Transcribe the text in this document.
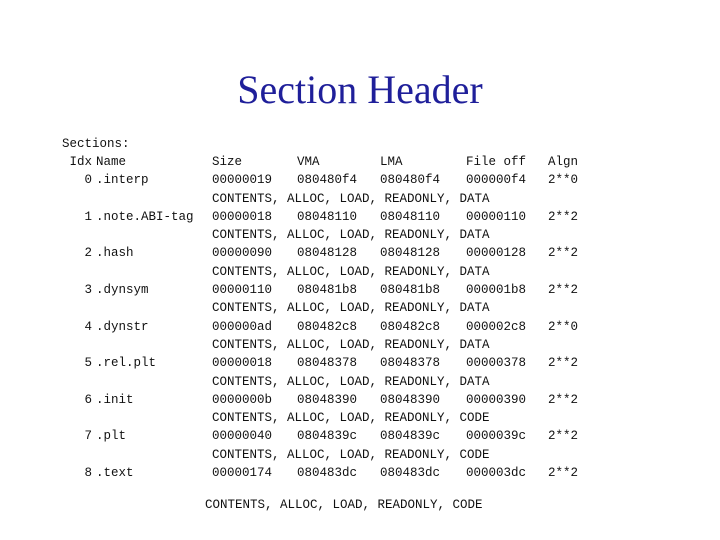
Section Header
Sections:
Idx
0

1

2

3

4

5

6

7

8
Name
.interp

.note.ABI-tag

.hash

.dynsym

.dynstr

.rel.plt

.init

.plt

.text
Size
00000019
CONTENTS, ALLOC, LOAD, READONLY, DATA
00000018
CONTENTS, ALLOC, LOAD, READONLY, DATA
00000090
CONTENTS, ALLOC, LOAD, READONLY, DATA
00000110
CONTENTS, ALLOC, LOAD, READONLY, DATA
000000ad
CONTENTS, ALLOC, LOAD, READONLY, DATA
00000018
CONTENTS, ALLOC, LOAD, READONLY, DATA
0000000b
CONTENTS, ALLOC, LOAD, READONLY, CODE
00000040
CONTENTS, ALLOC, LOAD, READONLY, CODE
00000174
VMA
080480f4

08048110

08048128

080481b8

080482c8

08048378

08048390

0804839c

080483dc
LMA
080480f4

08048110

08048128

080481b8

080482c8

08048378

08048390

0804839c

080483dc
File off
000000f4

00000110

00000128

000001b8

000002c8

00000378

00000390

0000039c

000003dc
Algn
2**0

2**2

2**2

2**2

2**0

2**2

2**2

2**2

2**2
CONTENTS, ALLOC, LOAD, READONLY, CODE
